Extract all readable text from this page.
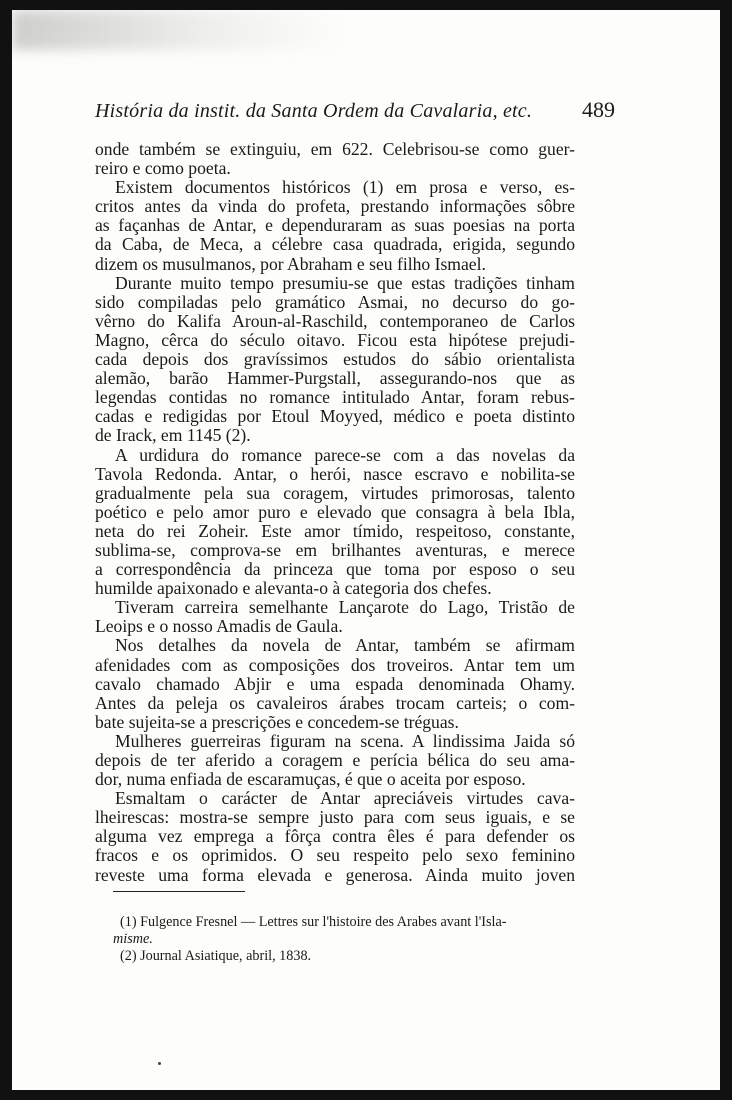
História da instit. da Santa Ordem da Cavalaria, etc. 489
onde também se extinguiu, em 622. Celebrisou-se como guer-
reiro e como poeta.
Existem documentos históricos (1) em prosa e verso, es-
critos antes da vinda do profeta, prestando informações sôbre
as façanhas de Antar, e dependuraram as suas poesias na porta
da Caba, de Meca, a célebre casa quadrada, erigida, segundo
dizem os musulmanos, por Abraham e seu filho Ismael.
Durante muito tempo presumiu-se que estas tradições tinham
sido compiladas pelo gramático Asmai, no decurso do go-
vêrno do Kalifa Aroun-al-Raschild, contemporaneo de Carlos
Magno, cêrca do século oitavo. Ficou esta hipótese prejudi-
cada depois dos gravíssimos estudos do sábio orientalista
alemão, barão Hammer-Purgstall, assegurando-nos que as
legendas contidas no romance intitulado Antar, foram rebus-
cadas e redigidas por Etoul Moyyed, médico e poeta distinto
de Irack, em 1145 (2).
A urdidura do romance parece-se com a das novelas da
Tavola Redonda. Antar, o herói, nasce escravo e nobilita-se
gradualmente pela sua coragem, virtudes primorosas, talento
poético e pelo amor puro e elevado que consagra à bela Ibla,
neta do rei Zoheir. Este amor tímido, respeitoso, constante,
sublima-se, comprova-se em brilhantes aventuras, e merece
a correspondência da princeza que toma por esposo o seu
humilde apaixonado e alevanta-o à categoria dos chefes.
Tiveram carreira semelhante Lançarote do Lago, Tristão de
Leoips e o nosso Amadis de Gaula.
Nos detalhes da novela de Antar, também se afirmam
afenidades com as composições dos troveiros. Antar tem um
cavalo chamado Abjir e uma espada denominada Ohamy.
Antes da peleja os cavaleiros árabes trocam carteis; o com-
bate sujeita-se a prescrições e concedem-se tréguas.
Mulheres guerreiras figuram na scena. A lindissima Jaida só
depois de ter aferido a coragem e perícia bélica do seu ama-
dor, numa enfiada de escaramuças, é que o aceita por esposo.
Esmaltam o carácter de Antar apreciáveis virtudes cava-
lheirescas: mostra-se sempre justo para com seus iguais, e se
alguma vez emprega a fôrça contra êles é para defender os
fracos e os oprimidos. O seu respeito pelo sexo feminino
reveste uma forma elevada e generosa. Ainda muito joven
(1) Fulgence Fresnel — Lettres sur l'histoire des Arabes avant l'Isla-
misme.
(2) Journal Asiatique, abril, 1838.
